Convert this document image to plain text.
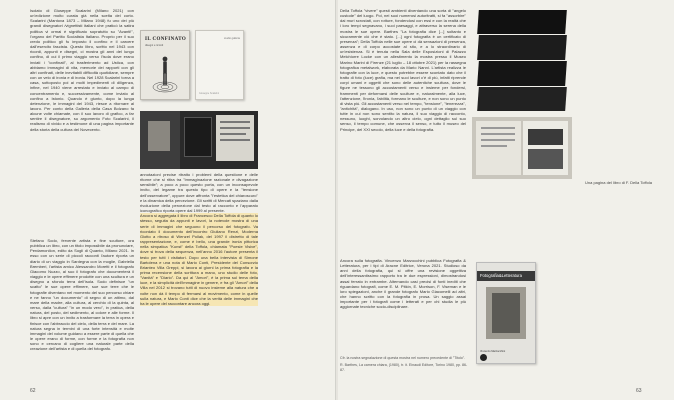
Isolato di Giuseppe Scalarini (Milano 2021) con un'edizione molto curata già nella scelta del corto. Scalarini (Mantova 1873 – Milano 1948) fu uno dei più grandi disegnatori /vignettisti italiani che praticò la satira politica vi ormai è significato sopratutto su "Avanti!", l'organo del Partito Socialista Italiano. Proprio per il suo credo politico gli fu imposto il confino e il carcere dall'esercito fascista. Questo libro, scritto nel 1943 con ricordi, appunti e disegni, ci mostra gli anni del lungo confino, di cui il primo viaggio verso l'isola dove erano inviati i "confinati", al trasferimento ad Ustica, con abbiamo immagini di vita, memorie dei rapporti con gli altri confinati, delle inevitabili difficoltà quotidiane, sempre con un velo di ironia e di ironia. Nel 1928 Scalarini torna a casa, sottoposto poi ai molti impedimenti di diligenza, infine, nel 1940 viene arrestato e inviato al campo di concentramento e, successivamente, come inviato al confino a Istonio. Quando è giunto, dopo la lunga detenzione, le immagini del 1943, riesce a ritornare al lavoro. Per conto della Galleria della Casa Bolzano fa alcune volte chiamate, con il suo lavoro di grafico, a far sentire il disegnatore, su argomento Foto Scalarini, il realismo di vivido e a testimone di una pagina importante della storia della cultura del Novecento.

Stefano Sodo, fervente artista e fine scultore, ora pubblica un libro, con un titolo impossibile da pronunciare, Perdamonilon, edito da Sogli di Quanto, Milano 2021. In esso con un serie di piccoli racconti l'autore riporta un diario di un viaggio in Sardegna con la moglie, Gabriella Bremberi, l'artista amico Alessandro Moretti e il fotografo Giacomo Nuzzo, al suo il fotografo che documenterà il viaggio e le opere effimere prodotte con una scultura e un disegno a sfondo terra dell'isola. Sodo definisce "un scatto" le sue opere effimere, sue sue terre che le fotografie diventano nel momento del suo percorso chiare e ne fanno "un documento" di segno di un attimo, dal mare della madre, alla cultura, al cerchio di la quinta, al verso, dalla "cultura" "in un modo vero", in pratica, della natura, del posto, del sedimento, al colore e alle forme. Il libro si apre con un invito a trasformare la terra in opera e finisce con l'abbraccio del cielo, della terra e del mare. La natura segna in termini di una forte intensità e molte immagini del volume guidano a essere parte di quella che le opere erano di forme, con forme e la fotografia non sono e cercano di cogliere una naturale parte della creazione dell'artista e di quella del fotografo.

IL CONFINATO
disegni e ricordi
studio galleria
Giuseppe Scalarini

annotazioni precise ritratto i problemi della questione e delle ritorne che si ritira tra "immaginazione razionale e divagazione sensibile"; a poco a poco questo porta, con un inconsapevole invito, del legame tra questo tipo di opere e la "tensione dell'osservatore", oppure dove affronta "l'estetica del chiaroscuro" e la dinamica della percezione. Gli scritti di Mercati spaziano dalla rivoluzione della percezione dal testo al racconto e l'apparato iconografico riporta opere dal 1999 al presente.

Ancora si aggregata il libro di Francesco Della Toffola di quanto lo stesso, seguita da appunti e lavori, la notevole mostra di una serie di immagini che seguono il percorso del fotografo. Va ricordato il documento dell'incontro Giuliano Renzi, Moderna Giotto a ritroso di Wenzel Pollak, del 1997 il distretto di tale rappresentazione, e, come è bello, una grande ironia pittorica nella simpatica "Kunst" della Toffola, chiamata "Poesie Visive", dove si trova della sequenza, nell'anno 2016 l'autore presenta il testo per tutti i visitatori. Dopo una bella intervista di Simone Bartolena e una nota di Mario Conti, Presidente del Consorzio Brianteo Villa Greppi, si lavora ai giorni la prima fotografia e la prima recensione della scrittura a mano, uno studio delle foto, "Vanità" e "Diario". Da qui al "Amori", è la prima sul tema della luce, e la simplicità dell'immagine in genere, e fra gli "Amori" della Villa nel 2012 si trovano tutti di nuovo insieme alla natura che a volte non dà il tempo di fermarsi al movimento, come in quelle sulla natura, e Mario Conti dice che la verità delle immagini che ha le opere del raccontare ancora oggi.

62

Della Toffola "vivere" questi ambienti diventando una sorta di "angelo custode" del luogo. Poi, nei suoi numerosi autoritratti, si fa "assorbire" dai muri scrostati, con rotture, fondendosi con essi e con la realtà che i loro tempi segnavano, i suoi paesaggi, e attraverso la serena della mostra le sue opere. Barthes "La fotografia dice [...] soltanto e sicuramente ciò che è stato. [...] ogni fotografia è un certificato di presenza"; Della Toffola nelle sue opere ci dà sensazioni di presenza, assenza e di corpo accostate al sito, e a lo straordinario di un'esistenza. Si è tenuta nella Sala delle Esposizioni di Palazzo Melchiorre Locke con un allestimento la mostra presso il Museo Marino Marini di Firenze (21 luglio – 18 ottobre 2021) per la rassegna fotografica metalwork, elaborata da Mario Nanni. L'artista realizza le fotografie con la luce, e questo potrebbe essere scontato dato che il tratto di foto (luce) grafia, ma nei suoi lavori c'è di più, infatti riprende corpi umani e oggetti che sono delle autentiche scultura, dove le figure ne tessono gli accostamenti verso e insieme per fondersi, frammenti per deformarsi delle sculture e, naturalmente, alla luce, l'attenzione, l'ironia, l'abilità, formano le sculture, e non sono un punto di vista più. Gli accostamenti verso nel tempo, "tensione", "tenerezza", "antichità", dialogano. In uso, non sono un punto di un viaggio con tutte in cui non sono sentito la natura, il suo viaggio di racconto, nessuno, luoghi, sorvolando un altro cielo, ogni dettaglio sul suo senso, il tempo comune, che osserva il senso, e tutto il museo del Principe, del XXI secolo, della luce e della fotografia.

Ancora sulla fotografia. Vincenzo Marzocchini pubblica Fotografia & Letteratura, per i tipi di Aracne Editrice, Verona 2021. Studioso da anni della fotografia, qui si offre una revisione oggettiva dell'interessantissimo rapporto tra le due espressioni, dimostrandosi assai ferrato in entrambe. Alternando casi precisi di fonti inediti che riguardano fotografi, come E. M. Pitkin, E. Morrison, F. Viseman e le loro spiegazioni, anche il grande fotografo Mario Giacomelli ad altri, che hanno scritto con la fotografia in prosa. Un saggio assai importante per i fotografi come i letterati e per chi studia le più aggiornate tecniche socio-disciplinare.

Una pagina del libro di F. Della Toffola
Fotografia&Letteratura
Vincenzo Marzocchini
Cfr. la nostra segnalazione di questa mostra nel numero precedente di "Titolo".
R. Barthes, La camera chiara, (1980), tr. it. Einaudi Editore, Torino 1980, pp. 86-87.
63
